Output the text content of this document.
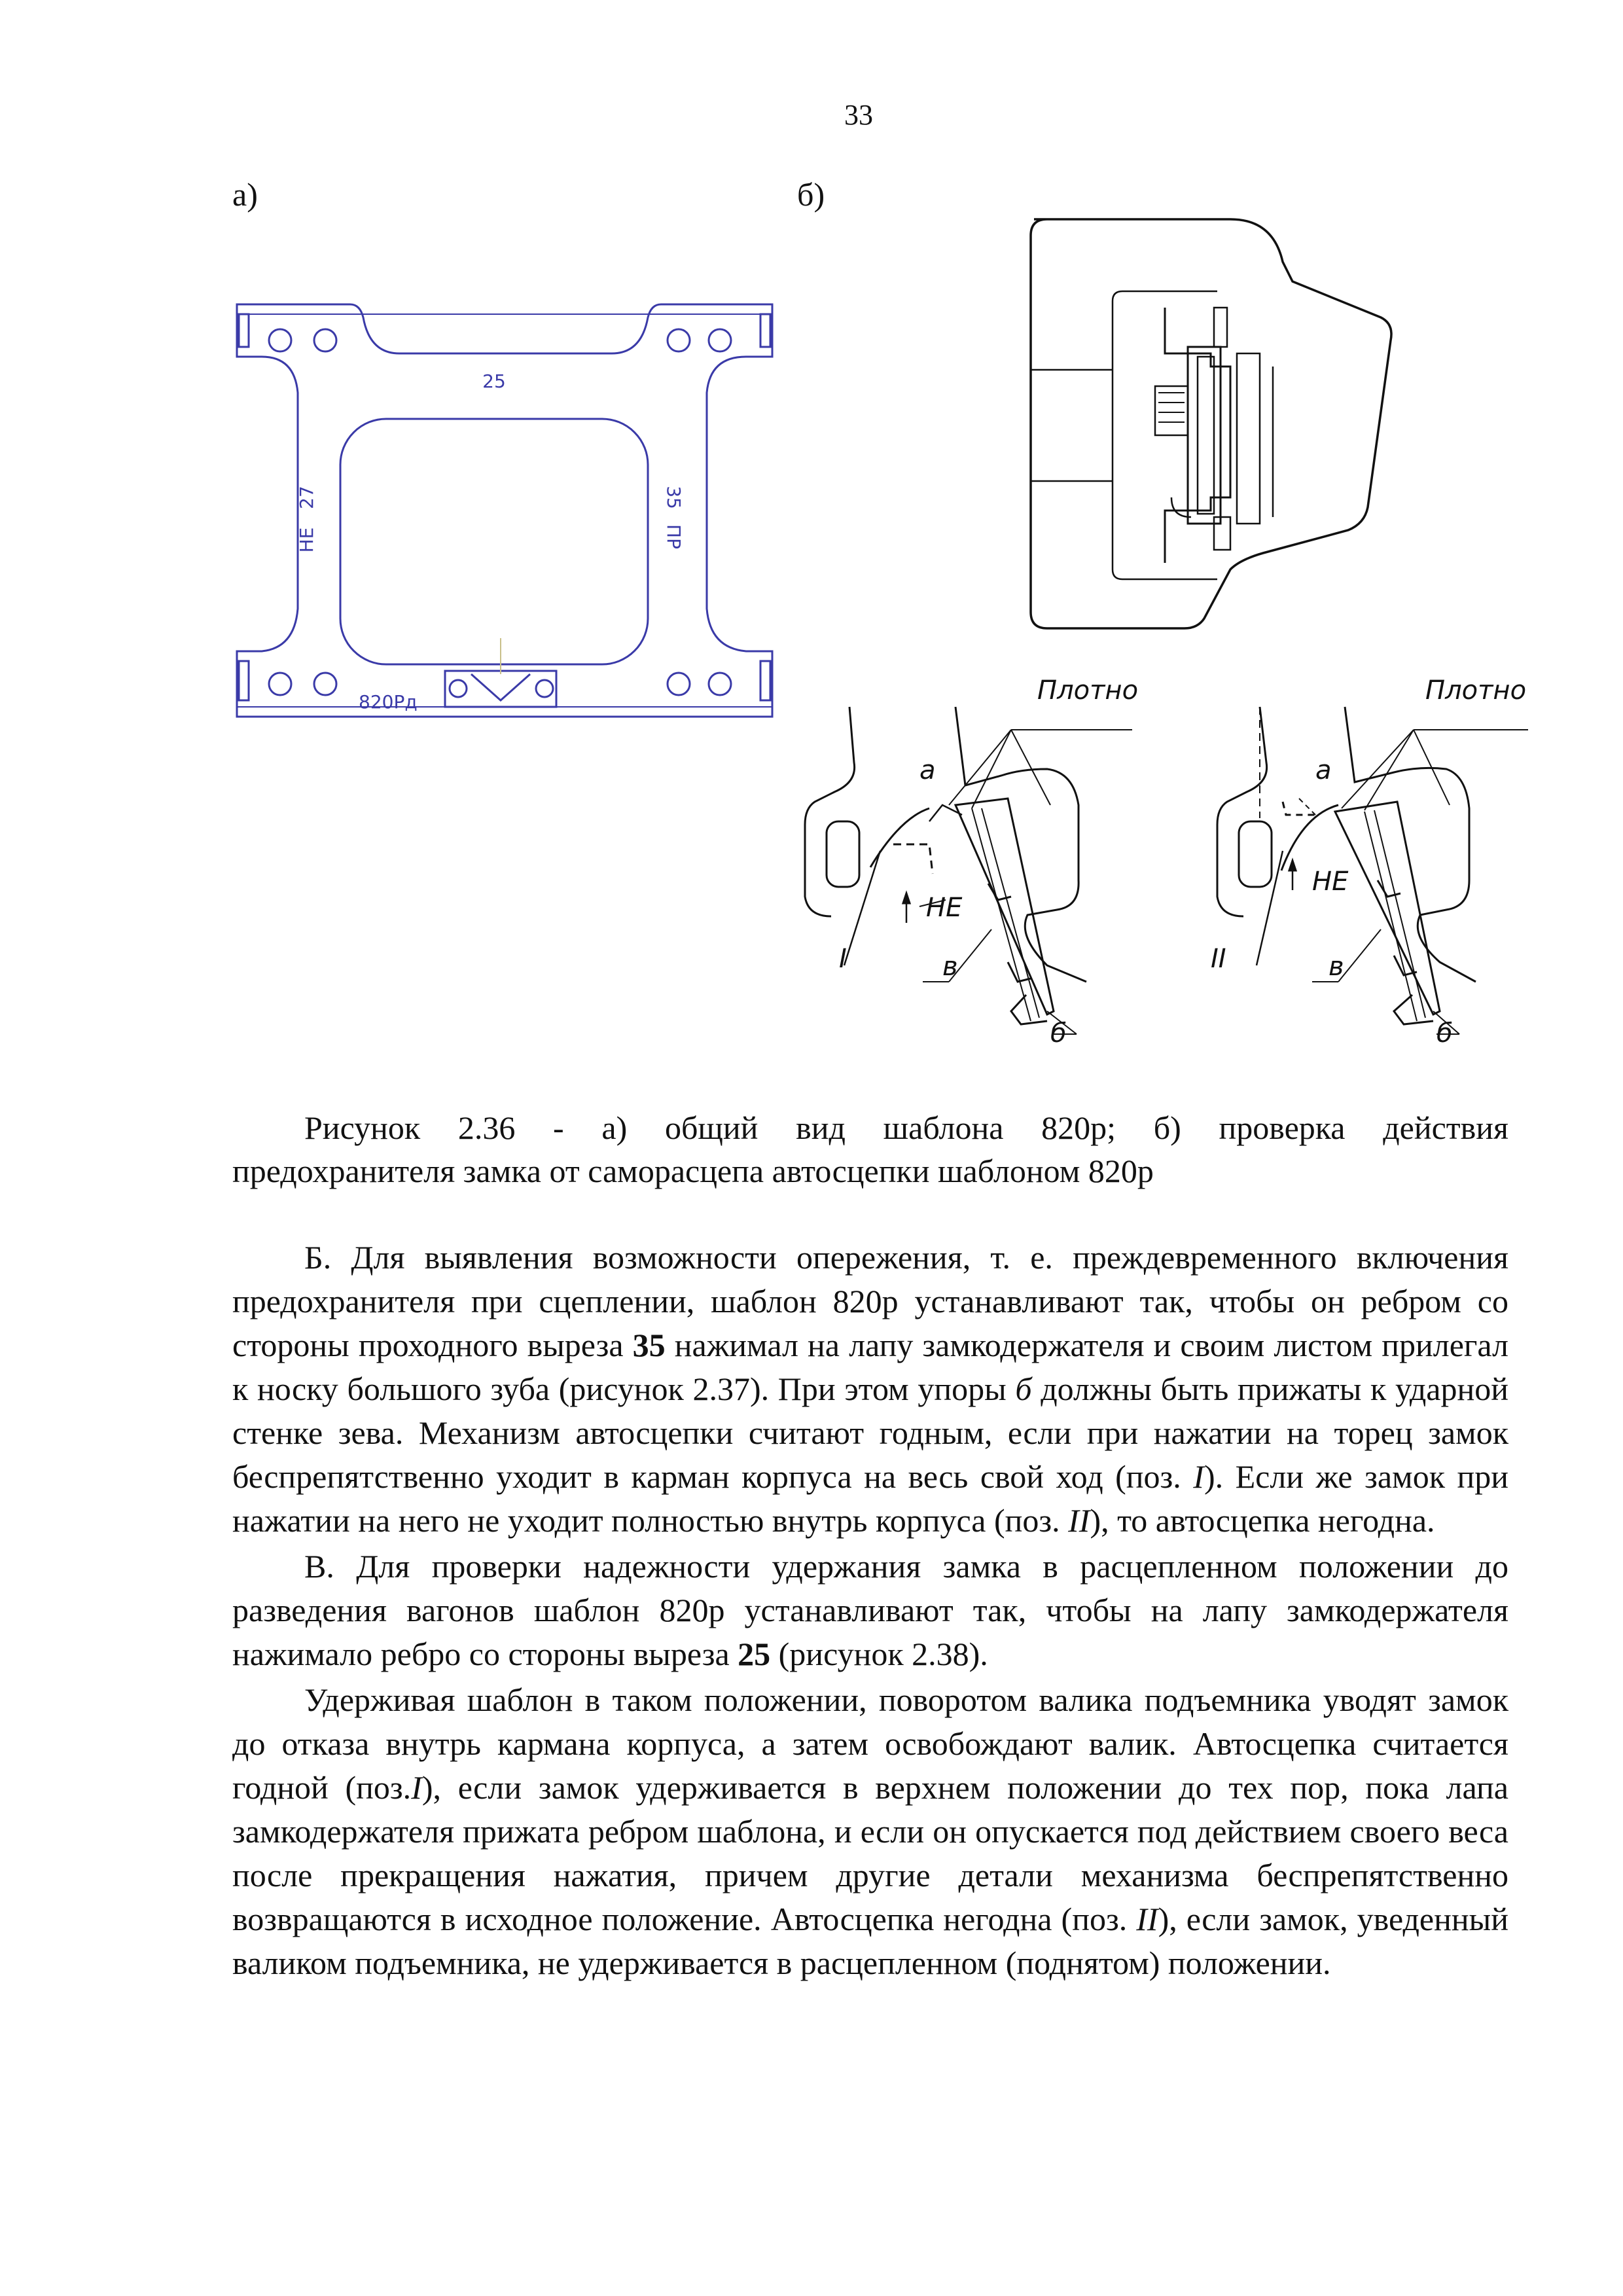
33
а)	б)
25
27
НЕ
35
ПР
820Рд	Плотно
а
НЕ
в
б
I
Плотно
а
НЕ
в
б
II
Рисунок 2.36 - а) общий вид шаблона 820р; б) проверка действия
предохранителя замка от саморасцепа автосцепки шаблоном 820р

Б. Для выявления возможности опережения, т. е. преждевременного включения предохранителя при сцеплении, шаблон 820р устанавливают так, чтобы он ребром со стороны проходного выреза 35 нажимал на лапу замкодержателя и своим листом прилегал к носку большого зуба (рисунок 2.37). При этом упоры б должны быть прижаты к ударной стенке зева. Механизм автосцепки считают годным, если при нажатии на торец замок беспрепятственно уходит в карман корпуса на весь свой ход (поз. I). Если же замок при нажатии на него не уходит полностью внутрь корпуса (поз. II), то автосцепка негодна.

В. Для проверки надежности удержания замка в расцепленном положении до разведения вагонов шаблон 820р устанавливают так, чтобы на лапу замкодержателя нажимало ребро со стороны выреза 25 (рисунок 2.38).

Удерживая шаблон в таком положении, поворотом валика подъемника уводят замок до отказа внутрь кармана корпуса, а затем освобождают валик. Автосцепка считается годной (поз.I), если замок удерживается в верхнем положении до тех пор, пока лапа замкодержателя прижата ребром шаблона, и если он опускается под действием своего веса после прекращения нажатия, причем другие детали механизма беспрепятственно возвращаются в исходное положение. Автосцепка негодна (поз. II), если замок, уведенный валиком подъемника, не удерживается в расцепленном (поднятом) положении.
